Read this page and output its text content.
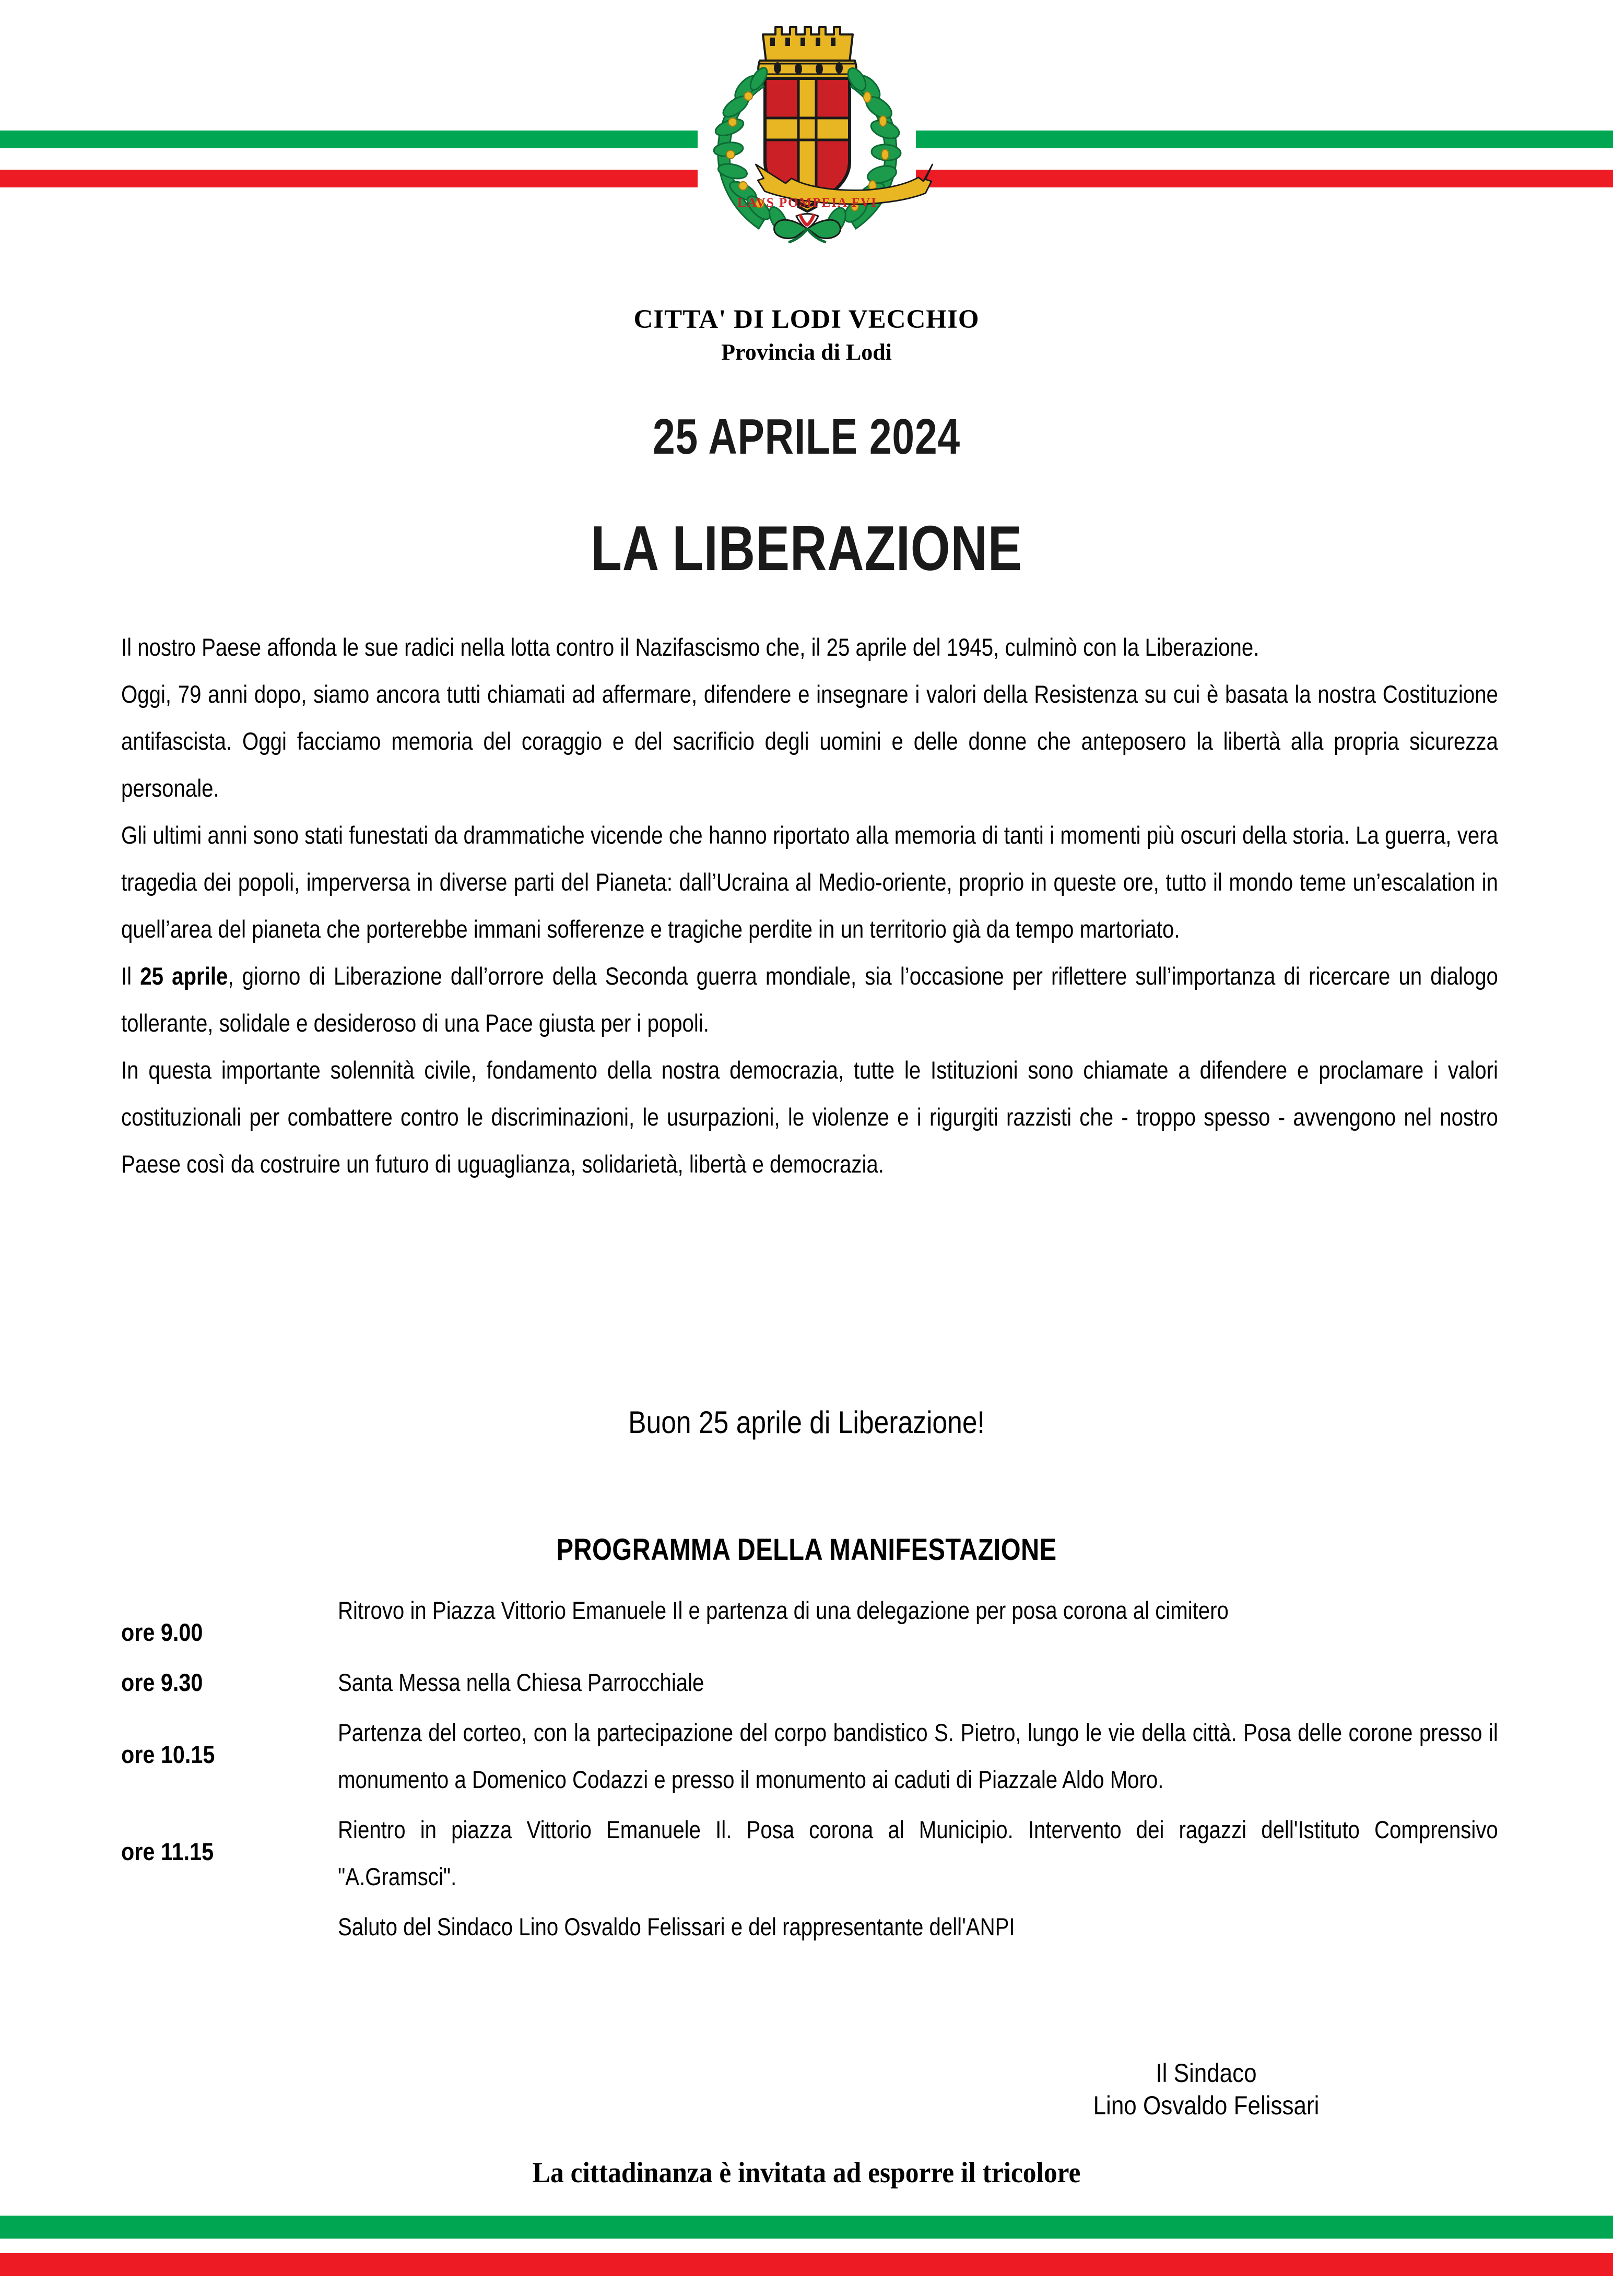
LAVS POMPEIA FVI
CITTA' DI LODI VECCHIO
Provincia di Lodi
25 APRILE 2024
LA LIBERAZIONE

Il nostro Paese affonda le sue radici nella lotta contro il Nazifascismo che, il 25 aprile del 1945, culminò con la Liberazione.

Oggi, 79 anni dopo, siamo ancora tutti chiamati ad affermare, difendere e insegnare i valori della Resistenza su cui è basata la nostra Costituzione antifascista. Oggi facciamo memoria del coraggio e del sacrificio degli uomini e delle donne che anteposero la libertà alla propria sicurezza personale.

Gli ultimi anni sono stati funestati da drammatiche vicende che hanno riportato alla memoria di tanti i momenti più oscuri della storia. La guerra, vera tragedia dei popoli, imperversa in diverse parti del Pianeta: dall’Ucraina al Medio-oriente, proprio in queste ore, tutto il mondo teme un’escalation in quell’area del pianeta che porterebbe immani sofferenze e tragiche perdite in un territorio già da tempo martoriato.

Il 25 aprile, giorno di Liberazione dall’orrore della Seconda guerra mondiale, sia l’occasione per riflettere sull’importanza di ricercare un dialogo tollerante, solidale e desideroso di una Pace giusta per i popoli.

In questa importante solennità civile, fondamento della nostra democrazia, tutte le Istituzioni sono chiamate a difendere e proclamare i valori costituzionali per combattere contro le discriminazioni, le usurpazioni, le violenze e i rigurgiti razzisti che - troppo spesso - avvengono nel nostro Paese così da costruire un futuro di uguaglianza, solidarietà, libertà e democrazia.

Buon 25 aprile di Liberazione!
PROGRAMMA DELLA MANIFESTAZIONE
ore 9.00
Ritrovo in Piazza Vittorio Emanuele Il e partenza di una delegazione per posa corona al cimitero
ore 9.30	Santa Messa nella Chiesa Parrocchiale
ore 10.15
Partenza del corteo, con la partecipazione del corpo bandistico S. Pietro, lungo le vie della città. Posa delle corone presso il monumento a Domenico Codazzi e presso il monumento ai caduti di Piazzale Aldo Moro.
ore 11.15
Rientro in piazza Vittorio Emanuele Il. Posa corona al Municipio. Intervento dei ragazzi dell'Istituto Comprensivo "A.Gramsci".
Saluto del Sindaco Lino Osvaldo Felissari e del rappresentante dell'ANPI
Il Sindaco
Lino Osvaldo Felissari
La cittadinanza è invitata ad esporre il tricolore
